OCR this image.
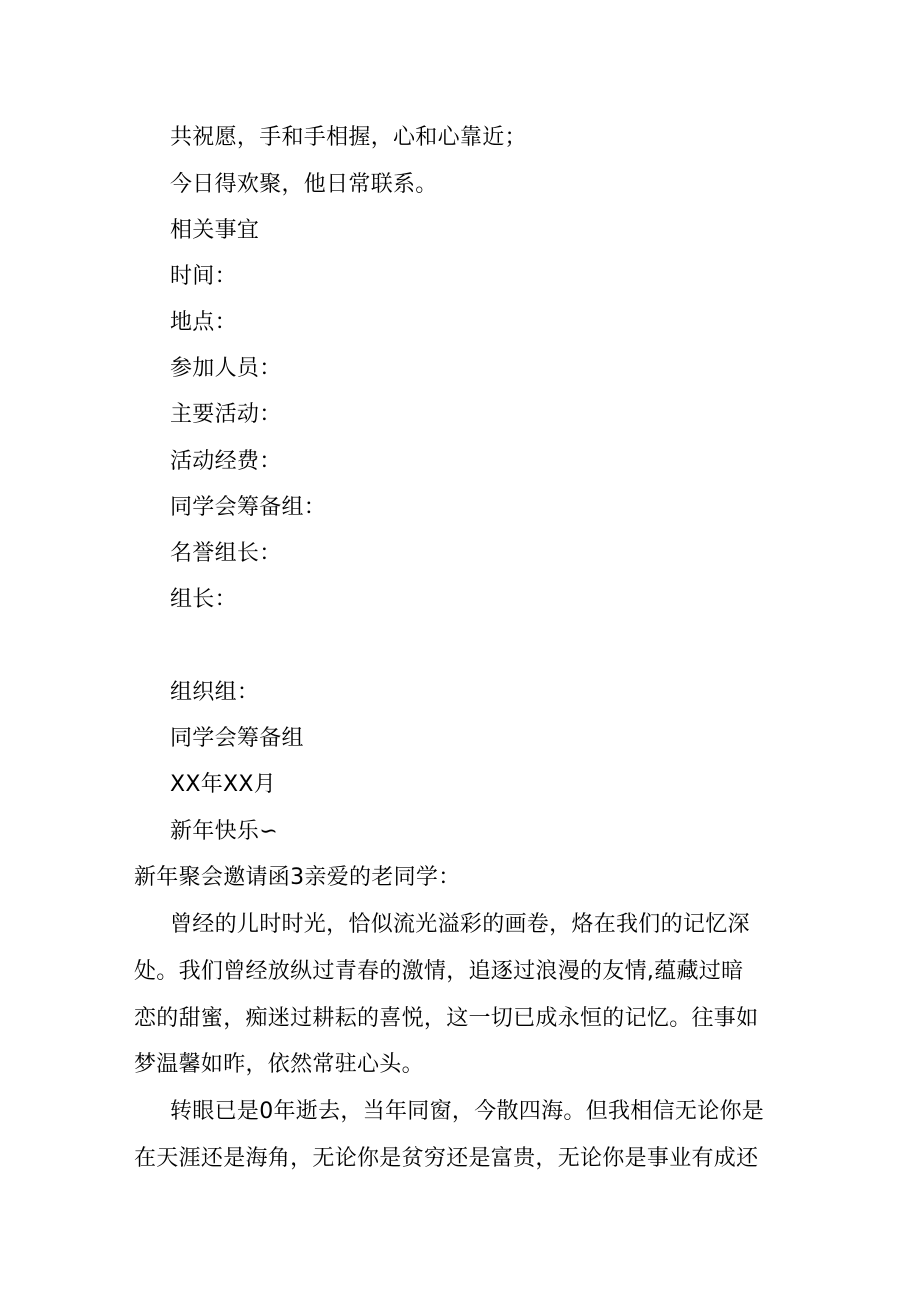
共祝愿，手和手相握，心和心靠近；
今日得欢聚，他日常联系。
相关事宜
时间：
地点：
参加人员：
主要活动：
活动经费：
同学会筹备组：
名誉组长：
组长：
组织组：
同学会筹备组
XX年XX月
新年快乐∽
新年聚会邀请函3亲爱的老同学：
曾经的儿时时光，恰似流光溢彩的画卷，烙在我们的记忆深
处。我们曾经放纵过青春的激情，追逐过浪漫的友情,蕴藏过暗
恋的甜蜜，痴迷过耕耘的喜悦，这一切已成永恒的记忆。往事如
梦温馨如昨，依然常驻心头。
转眼已是0年逝去，当年同窗，今散四海。但我相信无论你是
在天涯还是海角，无论你是贫穷还是富贵，无论你是事业有成还
